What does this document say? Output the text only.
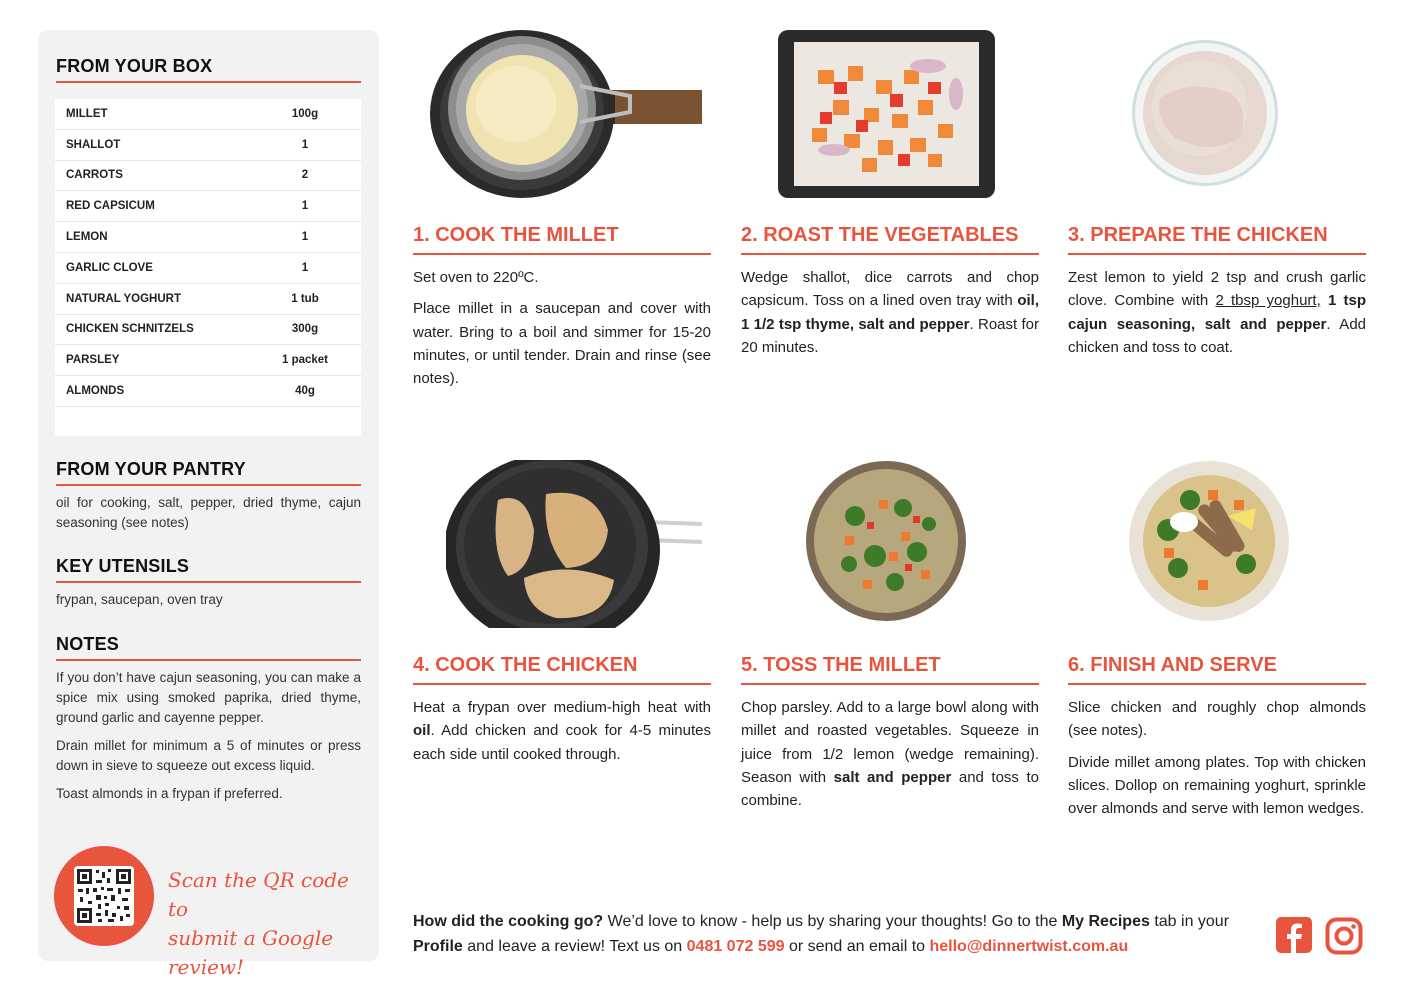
FROM YOUR BOX
MILLET	100g
SHALLOT	1
CARROTS	2
RED CAPSICUM	1
LEMON	1
GARLIC CLOVE	1
NATURAL YOGHURT	1 tub
CHICKEN SCHNITZELS	300g
PARSLEY	1 packet
ALMONDS	40g
FROM YOUR PANTRY
oil for cooking, salt, pepper, dried thyme, cajun seasoning (see notes)
KEY UTENSILS
frypan, saucepan, oven tray
NOTES

If you don’t have cajun seasoning, you can make a spice mix using smoked paprika, dried thyme, ground garlic and cayenne pepper.

Drain millet for minimum a 5 of minutes or press down in sieve to squeeze out excess liquid.

Toast almonds in a frypan if preferred.

Scan the QR code to
submit a Google review!
1. COOK THE MILLET

Set oven to 220ºC.

Place millet in a saucepan and cover with water. Bring to a boil and simmer for 15-20 minutes, or until tender. Drain and rinse (see notes).

2. ROAST THE VEGETABLES

Wedge shallot, dice carrots and chop capsicum. Toss on a lined oven tray with oil, 1 1/2 tsp thyme, salt and pepper. Roast for 20 minutes.

3. PREPARE THE CHICKEN

Zest lemon to yield 2 tsp and crush garlic clove. Combine with 2 tbsp yoghurt, 1 tsp cajun seasoning, salt and pepper. Add chicken and toss to coat.

4. COOK THE CHICKEN

Heat a frypan over medium-high heat with oil. Add chicken and cook for 4-5 minutes each side until cooked through.

5. TOSS THE MILLET

Chop parsley. Add to a large bowl along with millet and roasted vegetables. Squeeze in juice from 1/2 lemon (wedge remaining). Season with salt and pepper and toss to combine.

6. FINISH AND SERVE

Slice chicken and roughly chop almonds (see notes).

Divide millet among plates. Top with chicken slices. Dollop on remaining yoghurt, sprinkle over almonds and serve with lemon wedges.

How did the cooking go? We’d love to know - help us by sharing your thoughts! Go to the My Recipes tab in your Profile and leave a review! Text us on 0481 072 599 or send an email to hello@dinnertwist.com.au
